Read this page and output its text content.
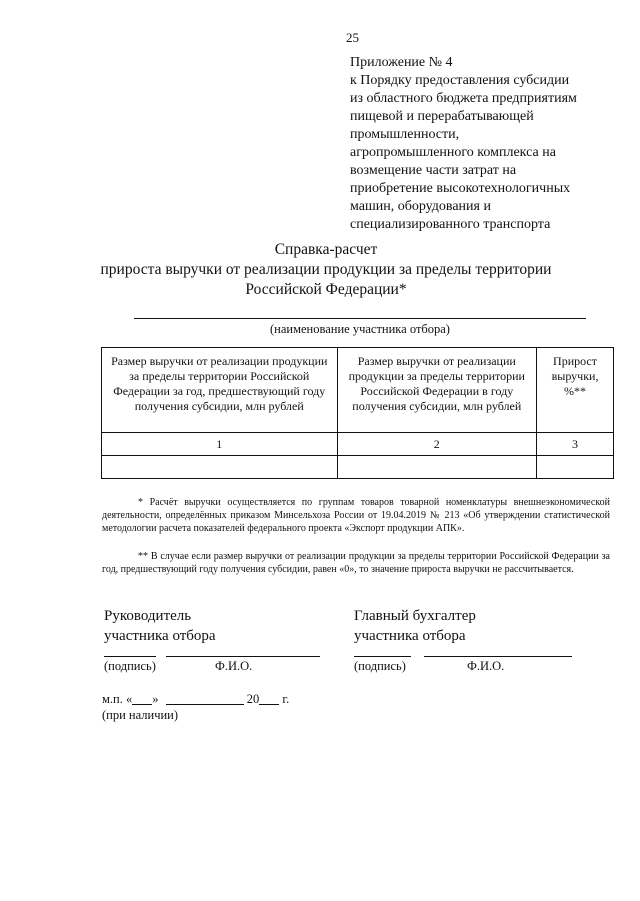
25
Приложение № 4
к Порядку предоставления субсидии
из областного бюджета предприятиям
пищевой и перерабатывающей
промышленности,
агропромышленного комплекса на
возмещение части затрат на
приобретение высокотехнологичных
машин, оборудования и
специализированного транспорта
Справка-расчет
прироста выручки от реализации продукции за пределы территории
Российской Федерации*
(наименование участника отбора)
Размер выручки от реализации продукции за пределы территории Российской Федерации за год, предшествующий году получения субсидии, млн рублей	Размер выручки от реализации продукции за пределы территории Российской Федерации в году получения субсидии, млн рублей	Прирост выручки, %**
1	2	3

* Расчёт выручки осуществляется по группам товаров товарной номенклатуры внешнеэкономической деятельности, определённых приказом Минсельхоза России от 19.04.2019 № 213 «Об утверждении статистической методологии расчета показателей федерального проекта «Экспорт продукции АПК».
** В случае если размер выручки от реализации продукции за пределы территории Российской Федерации за год, предшествующий году получения субсидии, равен «0», то значение прироста выручки не рассчитывается.
Руководитель
участника отбора
(подпись)	Ф.И.О.
Главный бухгалтер
участника отбора
(подпись)	Ф.И.О.
м.п. « »	20 г.
(при наличии)
